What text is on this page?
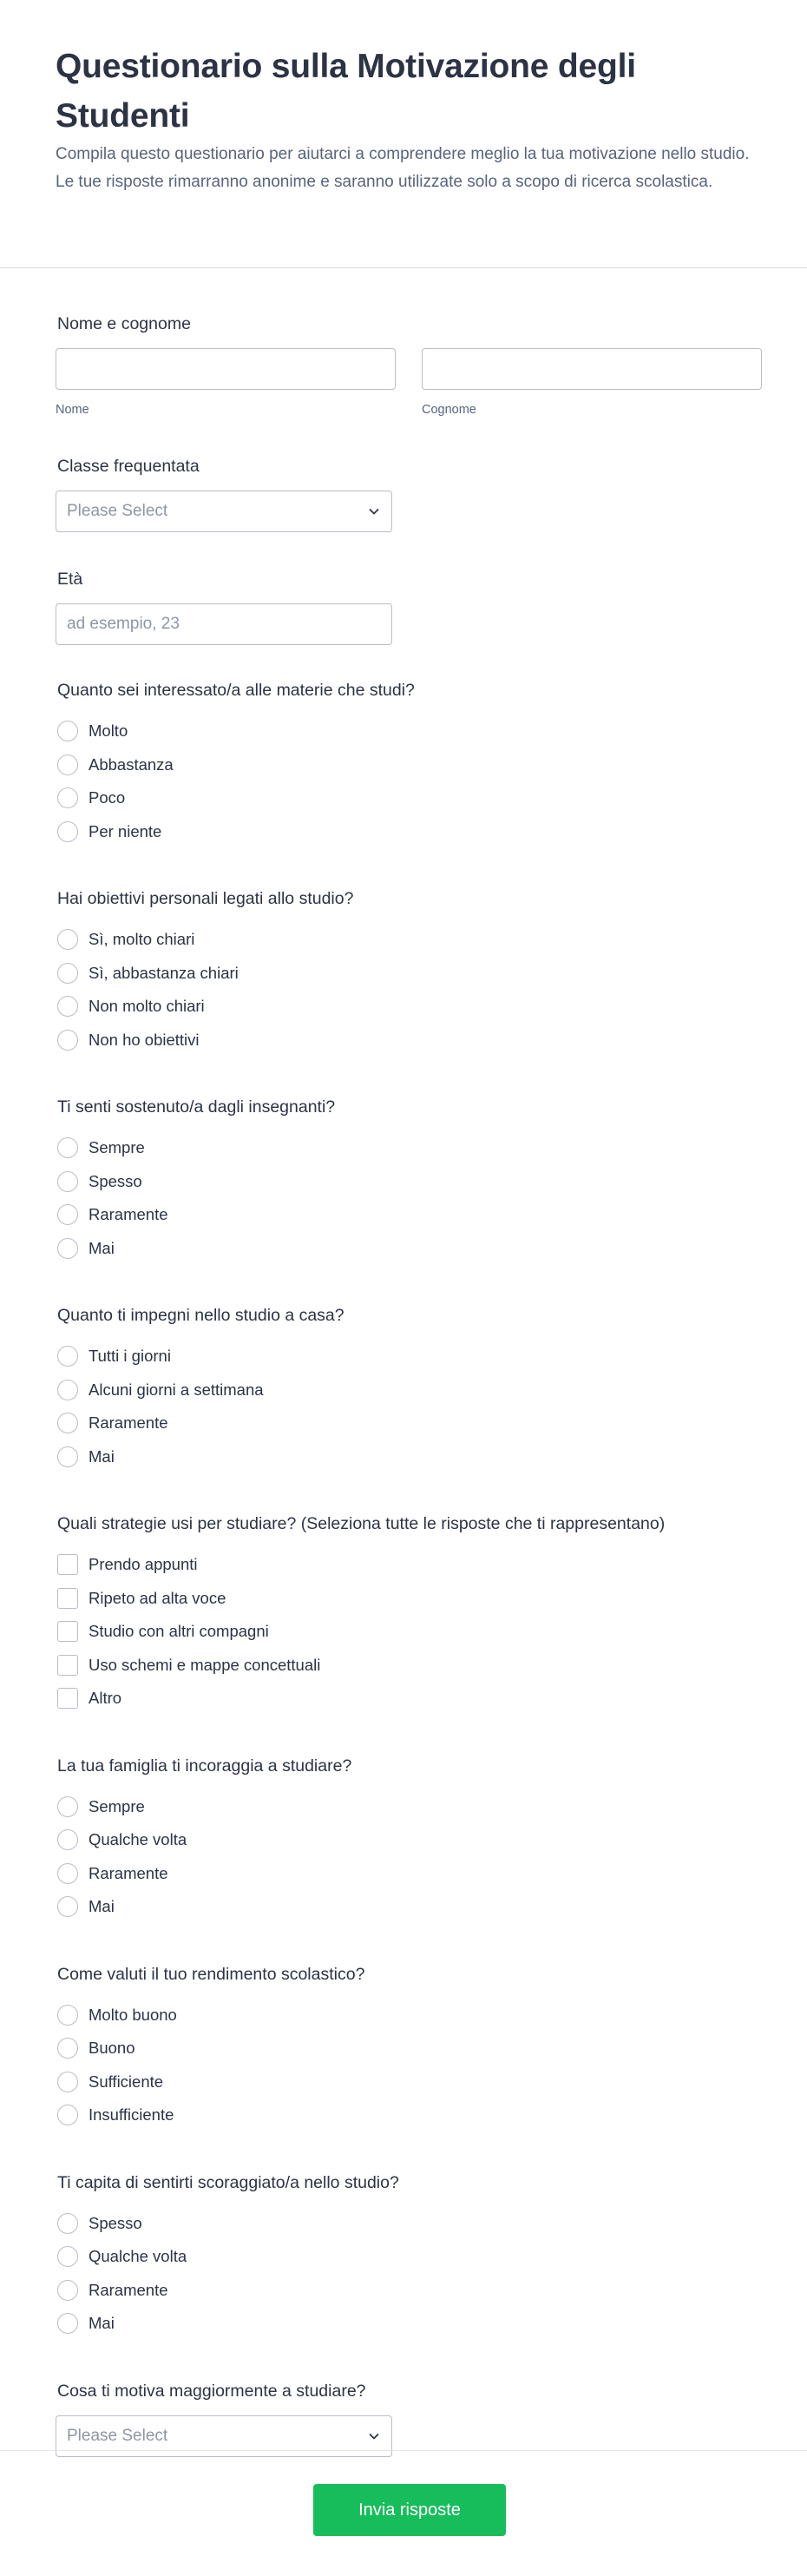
Questionario sulla Motivazione degli Studenti

Compila questo questionario per aiutarci a comprendere meglio la tua motivazione nello studio. Le tue risposte rimarranno anonime e saranno utilizzate solo a scopo di ricerca scolastica.

Nome e cognome
Nome	Cognome
Classe frequentata
Please Select
Età
ad esempio, 23
Quanto sei interessato/a alle materie che studi?
Molto
Abbastanza
Poco
Per niente
Hai obiettivi personali legati allo studio?
Sì, molto chiari
Sì, abbastanza chiari
Non molto chiari
Non ho obiettivi
Ti senti sostenuto/a dagli insegnanti?
Sempre
Spesso
Raramente
Mai
Quanto ti impegni nello studio a casa?
Tutti i giorni
Alcuni giorni a settimana
Raramente
Mai
Quali strategie usi per studiare? (Seleziona tutte le risposte che ti rappresentano)
Prendo appunti
Ripeto ad alta voce
Studio con altri compagni
Uso schemi e mappe concettuali
Altro
La tua famiglia ti incoraggia a studiare?
Sempre
Qualche volta
Raramente
Mai
Come valuti il tuo rendimento scolastico?
Molto buono
Buono
Sufficiente
Insufficiente
Ti capita di sentirti scoraggiato/a nello studio?
Spesso
Qualche volta
Raramente
Mai
Cosa ti motiva maggiormente a studiare?
Please Select
Invia risposte
